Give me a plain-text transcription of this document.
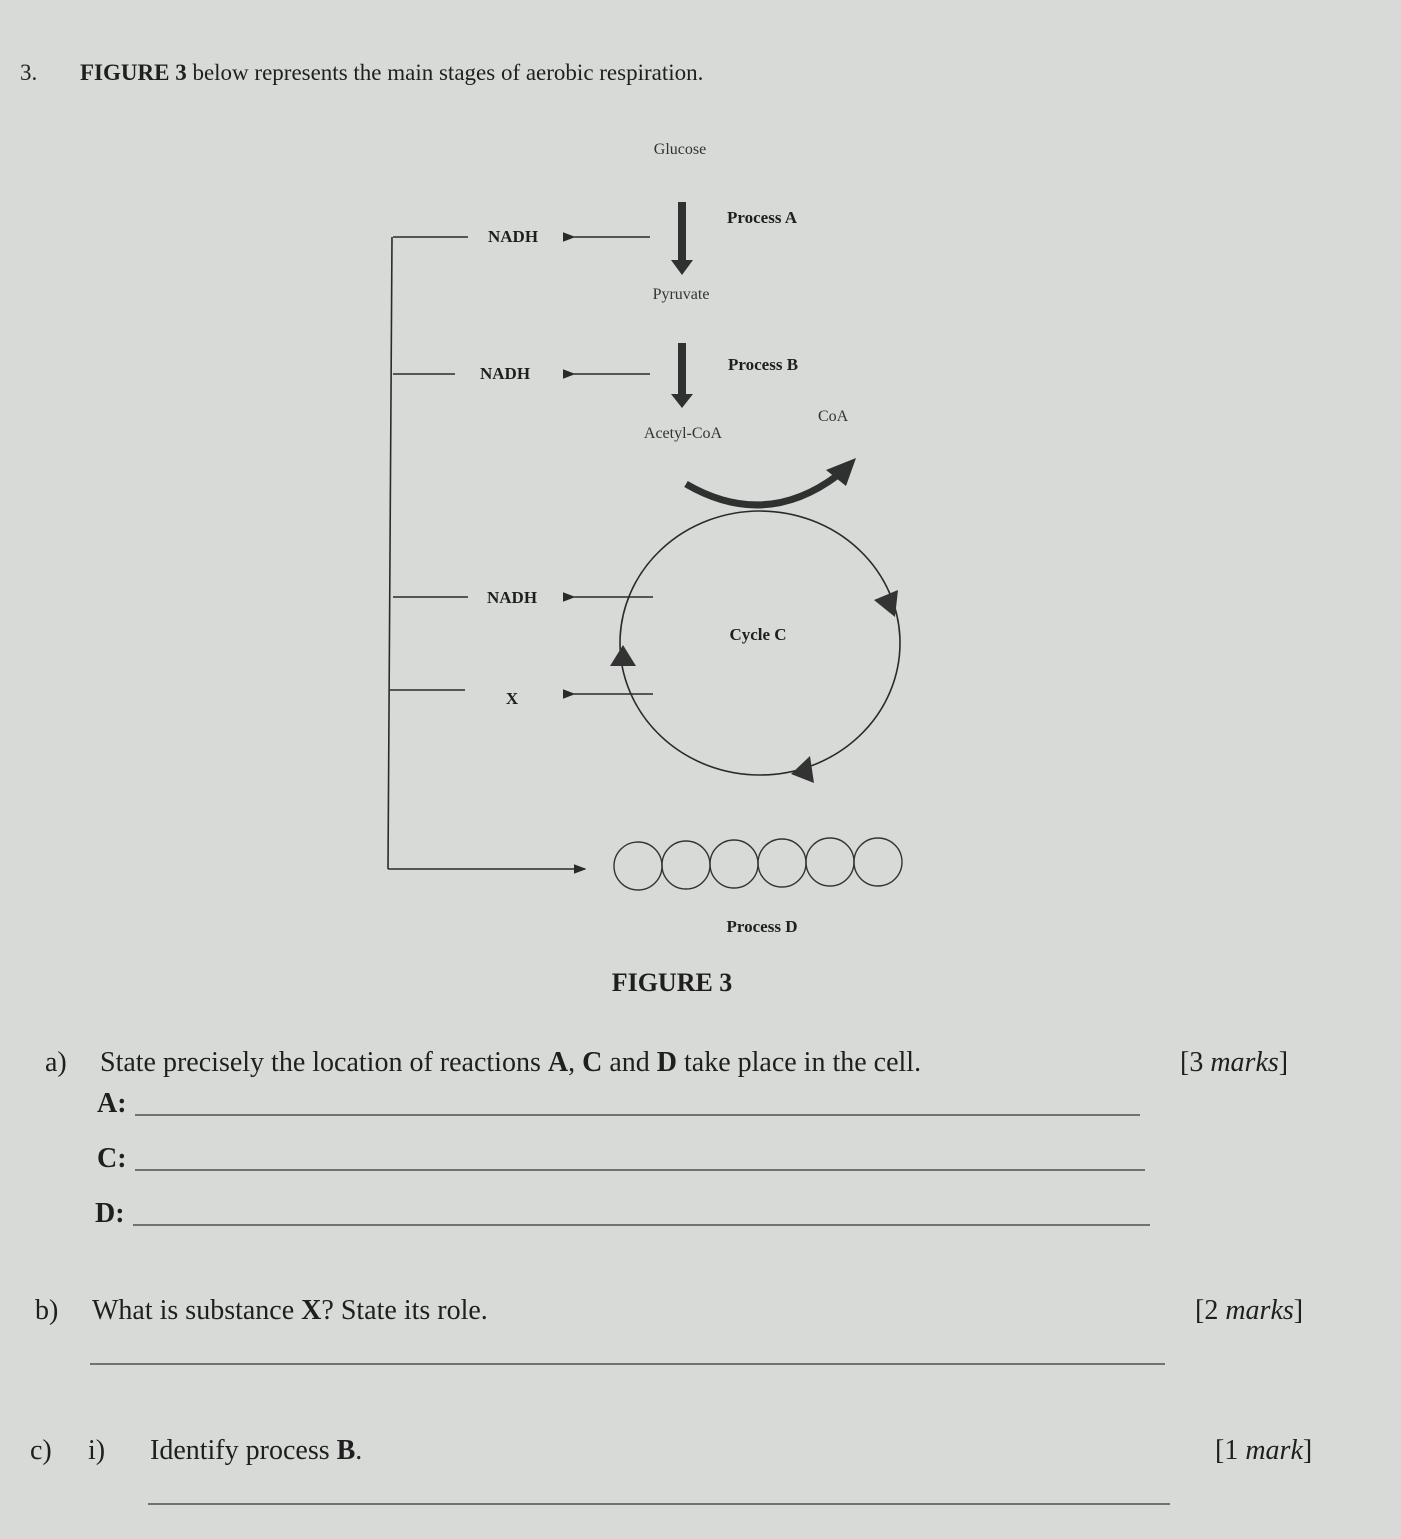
3. FIGURE 3 below represents the main stages of aerobic respiration.
Glucose
Process A
NADH
Pyruvate
Process B
NADH
Acetyl-CoA
CoA
Cycle C
NADH
X
Process D
FIGURE 3
a) State precisely the location of reactions A, C and D take place in the cell.	[3 marks]
A:
C:
D:
b) What is substance X? State its role.	[2 marks]
c) i) Identify process B.	[1 mark]
